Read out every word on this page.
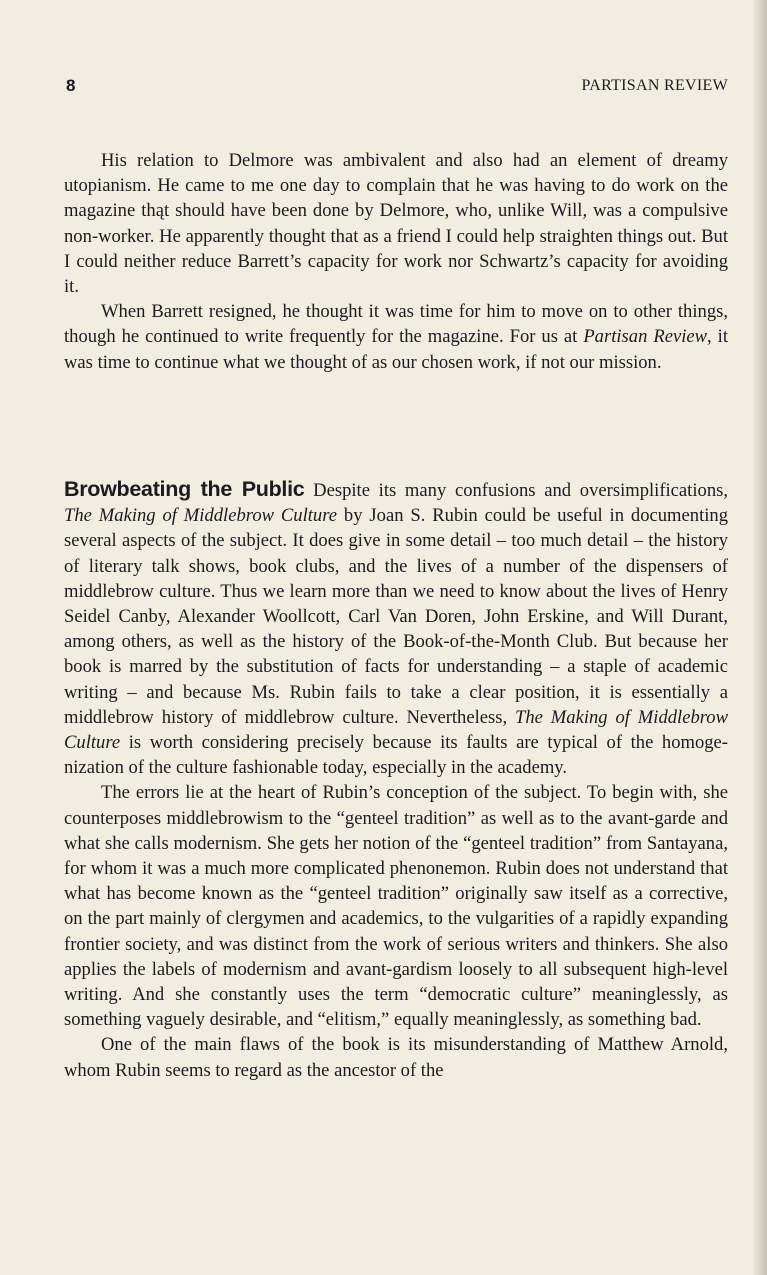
8	PARTISAN REVIEW

His relation to Delmore was ambivalent and also had an element of dreamy utopianism. He came to me one day to complain that he was having to do work on the magazine thąt should have been done by Delmore, who, unlike Will, was a compulsive non-worker. He apparently thought that as a friend I could help straighten things out. But I could neither reduce Barrett’s capacity for work nor Schwartz’s capacity for avoiding it.

When Barrett resigned, he thought it was time for him to move on to other things, though he continued to write frequently for the magazine. For us at Partisan Review, it was time to continue what we thought of as our chosen work, if not our mission.

Browbeating the Public Despite its many confusions and oversimplifications, The Making of Middlebrow Culture by Joan S. Rubin could be useful in documenting several aspects of the subject. It does give in some detail – too much detail – the history of literary talk shows, book clubs, and the lives of a number of the dispensers of middlebrow culture. Thus we learn more than we need to know about the lives of Henry Seidel Canby, Alexander Woollcott, Carl Van Doren, John Erskine, and Will Durant, among others, as well as the history of the Book-of-the-Month Club. But because her book is marred by the substitution of facts for understanding – a staple of academic writing – and because Ms. Rubin fails to take a clear position, it is essentially a middlebrow history of middlebrow culture. Nevertheless, The Making of Middlebrow Culture is worth considering precisely because its faults are typical of the homogenization of the culture fashionable today, especially in the academy.

The errors lie at the heart of Rubin’s conception of the subject. To begin with, she counterposes middlebrowism to the “genteel tradition” as well as to the avant-garde and what she calls modernism. She gets her notion of the “genteel tradition” from Santayana, for whom it was a much more complicated phenonemon. Rubin does not understand that what has become known as the “genteel tradition” originally saw itself as a corrective, on the part mainly of clergymen and academics, to the vulgarities of a rapidly expanding frontier society, and was distinct from the work of serious writers and thinkers. She also applies the labels of modernism and avant-gardism loosely to all subsequent high-level writing. And she constantly uses the term “democratic culture” meaninglessly, as something vaguely desirable, and “elitism,” equally meaninglessly, as something bad.

One of the main flaws of the book is its misunderstanding of Matthew Arnold, whom Rubin seems to regard as the ancestor of the
